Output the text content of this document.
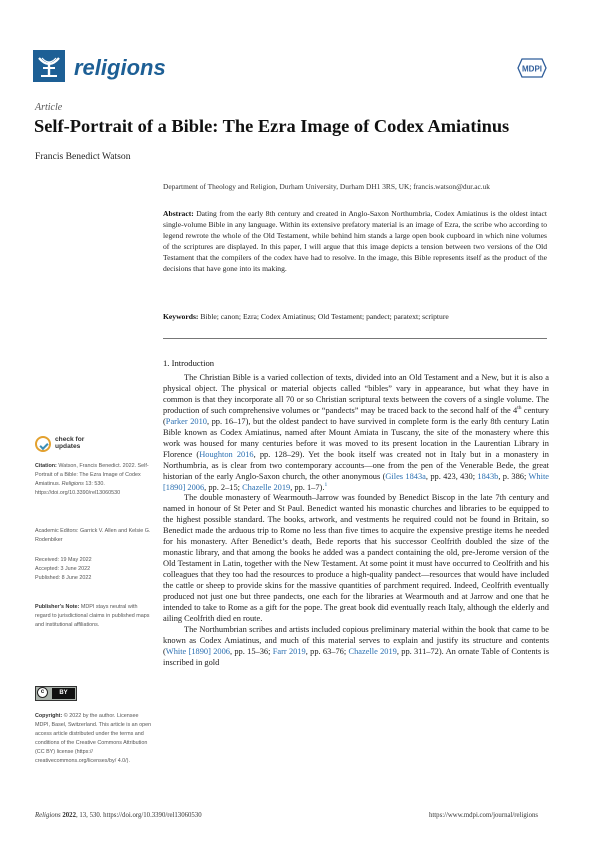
religions	MDPI
Article
Self-Portrait of a Bible: The Ezra Image of Codex Amiatinus
Francis Benedict Watson
Department of Theology and Religion, Durham University, Durham DH1 3RS, UK; francis.watson@dur.ac.uk
Abstract: Dating from the early 8th century and created in Anglo-Saxon Northumbria, Codex Amiatinus is the oldest intact single-volume Bible in any language. Within its extensive prefatory material is an image of Ezra, the scribe who according to legend rewrote the whole of the Old Testament, while behind him stands a large open book cupboard in which nine volumes of the scriptures are displayed. In this paper, I will argue that this image depicts a tension between two versions of the Old Testament that the compilers of the codex have had to resolve. In the image, this Bible represents itself as the product of the decisions that have gone into its making.
Keywords: Bible; canon; Ezra; Codex Amiatinus; Old Testament; pandect; paratext; scripture
1. Introduction

The Christian Bible is a varied collection of texts, divided into an Old Testament and a New, but it is also a physical object. The physical or material objects called “bibles” vary in appearance, but what they have in common is that they incorporate all 70 or so Christian scriptural texts between the covers of a single volume. The production of such comprehensive volumes or “pandects” may be traced back to the second half of the 4th century (Parker 2010, pp. 16–17), but the oldest pandect to have survived in complete form is the early 8th century Latin Bible known as Codex Amiatinus, named after Mount Amiata in Tuscany, the site of the monastery where this work was housed for many centuries before it was moved to its present location in the Laurentian Library in Florence (Houghton 2016, pp. 128–29). Yet the book itself was created not in Italy but in a monastery in Northumbria, as is clear from two contemporary accounts—one from the pen of the Venerable Bede, the great historian of the early Anglo-Saxon church, the other anonymous (Giles 1843a, pp. 423, 430; 1843b, p. 386; White [1890] 2006, pp. 2–15; Chazelle 2019, pp. 1–7).$^1$

The double monastery of Wearmouth–Jarrow was founded by Benedict Biscop in the late 7th century and named in honour of St Peter and St Paul. Benedict wanted his monastic churches and libraries to be equipped to the highest possible standard. The books, artwork, and vestments he required could not be found in Britain, so Benedict made the arduous trip to Rome no less than five times to acquire the expensive prestige items he needed for his monastery. After Benedict’s death, Bede reports that his successor Ceolfrith doubled the size of the monastic library, and that among the books he added was a pandect containing the old, pre-Jerome version of the Old Testament in Latin, together with the New Testament. At some point it must have occurred to Ceolfrith and his colleagues that they too had the resources to produce a high-quality pandect—resources that would have included the cattle or sheep to provide skins for the massive quantities of parchment required. Indeed, Ceolfrith eventually produced not just one but three pandects, one each for the libraries at Wearmouth and at Jarrow and one that he intended to take to Rome as a gift for the pope. The great book did eventually reach Italy, although the elderly and ailing Ceolfrith died en route.

The Northumbrian scribes and artists included copious preliminary material within the book that came to be known as Codex Amiatinus, and much of this material serves to explain and justify its structure and contents (White [1890] 2006, pp. 15–36; Farr 2019, pp. 63–76; Chazelle 2019, pp. 311–72). An ornate Table of Contents is inscribed in gold

check for
updates
Citation: Watson, Francis Benedict. 2022. Self-Portrait of a Bible: The Ezra Image of Codex Amiatinus. Religions 13: 530. https://doi.org/10.3390/rel13060530
Academic Editors: Garrick V. Allen and Kelsie G. Rodenbiker
Received: 19 May 2022
Accepted: 3 June 2022
Published: 8 June 2022
Publisher’s Note: MDPI stays neutral with regard to jurisdictional claims in published maps and institutional affiliations.
c	BY
Copyright: © 2022 by the author. Licensee MDPI, Basel, Switzerland. This article is an open access article distributed under the terms and conditions of the Creative Commons Attribution (CC BY) license (https:// creativecommons.org/licenses/by/ 4.0/).
Religions 2022, 13, 530. https://doi.org/10.3390/rel13060530	https://www.mdpi.com/journal/religions
